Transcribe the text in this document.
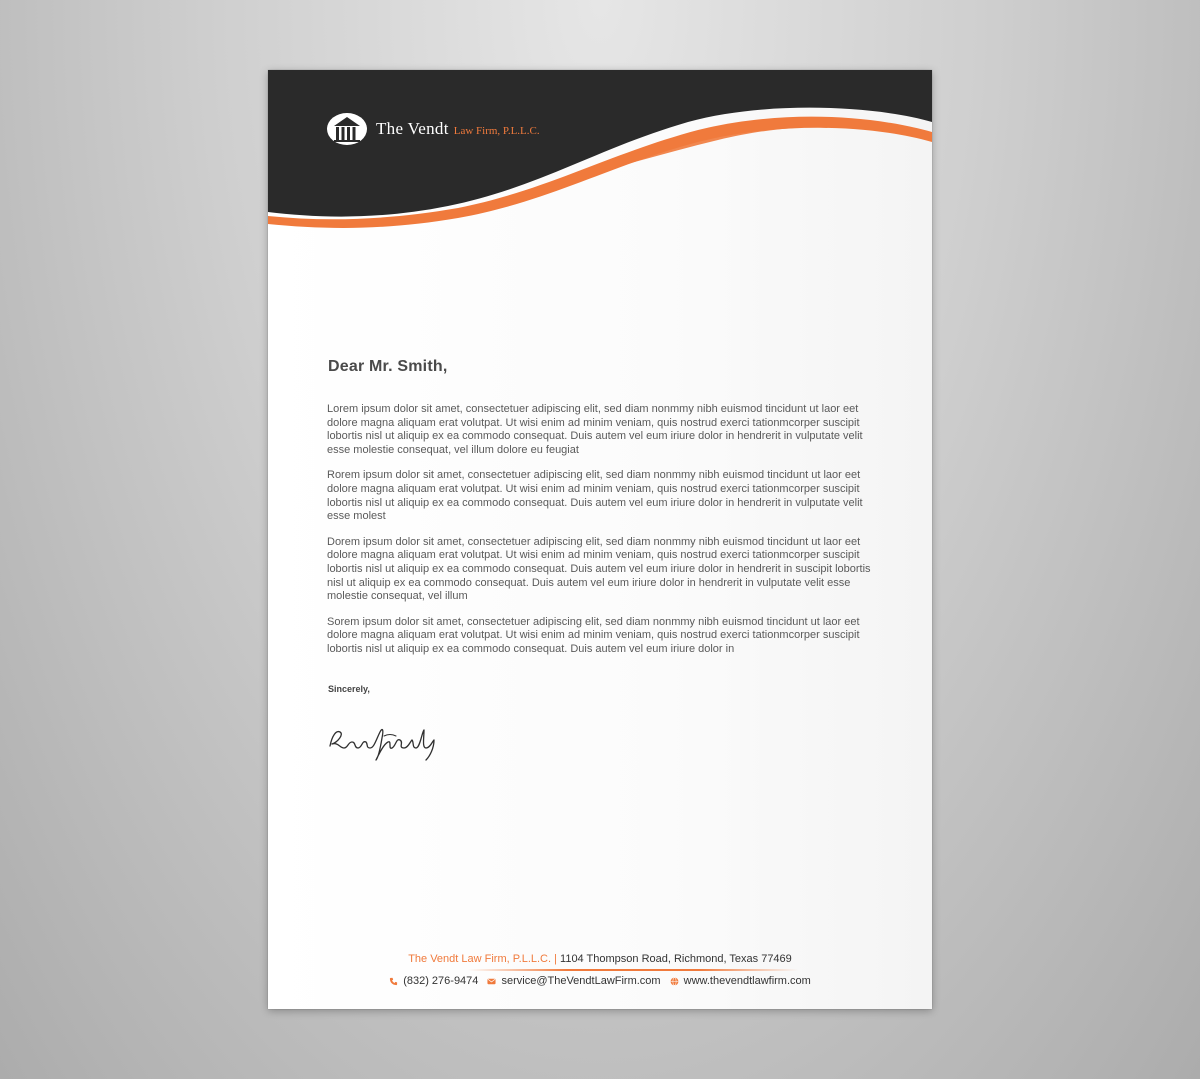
The Vendt Law Firm, P.L.L.C.
Dear Mr. Smith,

Lorem ipsum dolor sit amet, consectetuer adipiscing elit, sed diam nonmmy nibh euismod tincidunt ut laor eet dolore magna aliquam erat volutpat. Ut wisi enim ad minim veniam, quis nostrud exerci tationmcorper suscipit lobortis nisl ut aliquip ex ea commodo consequat. Duis autem vel eum iriure dolor in hendrerit in vulputate velit esse molestie consequat, vel illum dolore eu feugiat

Rorem ipsum dolor sit amet, consectetuer adipiscing elit, sed diam nonmmy nibh euismod tincidunt ut laor eet dolore magna aliquam erat volutpat. Ut wisi enim ad minim veniam, quis nostrud exerci tationmcorper suscipit lobortis nisl ut aliquip ex ea commodo consequat. Duis autem vel eum iriure dolor in hendrerit in vulputate velit esse molest

Dorem ipsum dolor sit amet, consectetuer adipiscing elit, sed diam nonmmy nibh euismod tincidunt ut laor eet dolore magna aliquam erat volutpat. Ut wisi enim ad minim veniam, quis nostrud exerci tationmcorper suscipit lobortis nisl ut aliquip ex ea commodo consequat. Duis autem vel eum iriure dolor in hendrerit in suscipit lobortis nisl ut aliquip ex ea commodo consequat. Duis autem vel eum iriure dolor in hendrerit in vulputate velit esse molestie consequat, vel illum

Sorem ipsum dolor sit amet, consectetuer adipiscing elit, sed diam nonmmy nibh euismod tincidunt ut laor eet dolore magna aliquam erat volutpat. Ut wisi enim ad minim veniam, quis nostrud exerci tationmcorper suscipit lobortis nisl ut aliquip ex ea commodo consequat. Duis autem vel eum iriure dolor in

Sincerely,
The Vendt Law Firm, P.L.L.C. | 1104 Thompson Road, Richmond, Texas 77469
(832) 276-9474
service@TheVendtLawFirm.com
www.thevendtlawfirm.com
